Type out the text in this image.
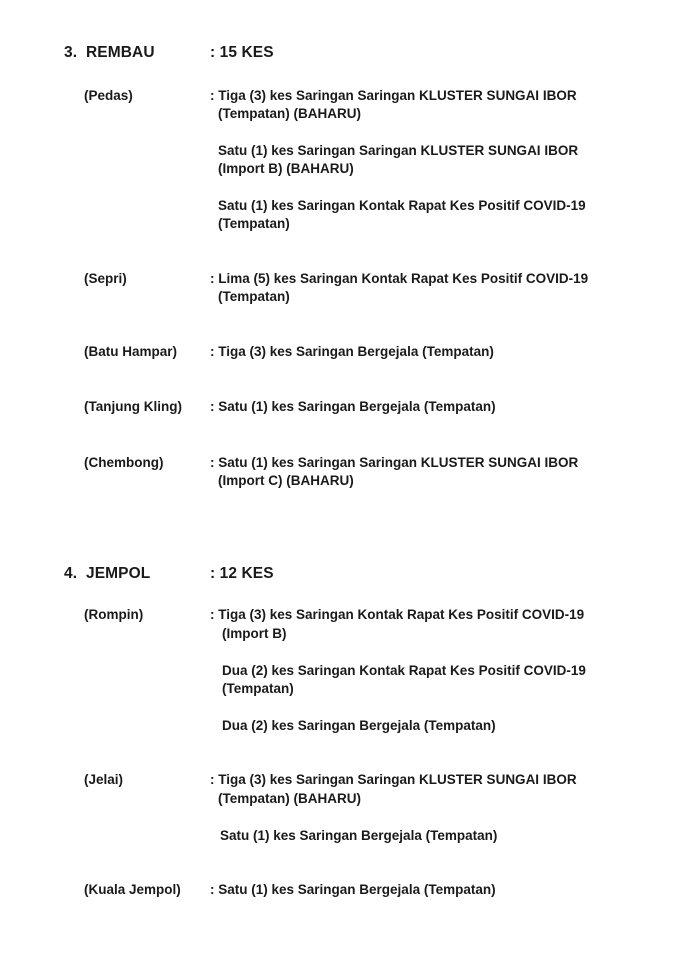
3. REMBAU	: 15 KES
(Pedas)	: Tiga (3) kes Saringan Saringan KLUSTER SUNGAI IBOR
(Tempatan) (BAHARU)
Satu (1) kes Saringan Saringan KLUSTER SUNGAI IBOR
(Import B) (BAHARU)
Satu (1) kes Saringan Kontak Rapat Kes Positif COVID-19
(Tempatan)
(Sepri)	: Lima (5) kes Saringan Kontak Rapat Kes Positif COVID-19
(Tempatan)
(Batu Hampar) : Tiga (3) kes Saringan Bergejala (Tempatan)
(Tanjung Kling) : Satu (1) kes Saringan Bergejala (Tempatan)
(Chembong)	: Satu (1) kes Saringan Saringan KLUSTER SUNGAI IBOR
(Import C) (BAHARU)
4. JEMPOL	: 12 KES
(Rompin)	: Tiga (3) kes Saringan Kontak Rapat Kes Positif COVID-19
(Import B)
Dua (2) kes Saringan Kontak Rapat Kes Positif COVID-19
(Tempatan)
Dua (2) kes Saringan Bergejala (Tempatan)
(Jelai)	: Tiga (3) kes Saringan Saringan KLUSTER SUNGAI IBOR
(Tempatan) (BAHARU)
Satu (1) kes Saringan Bergejala (Tempatan)
(Kuala Jempol) : Satu (1) kes Saringan Bergejala (Tempatan)
